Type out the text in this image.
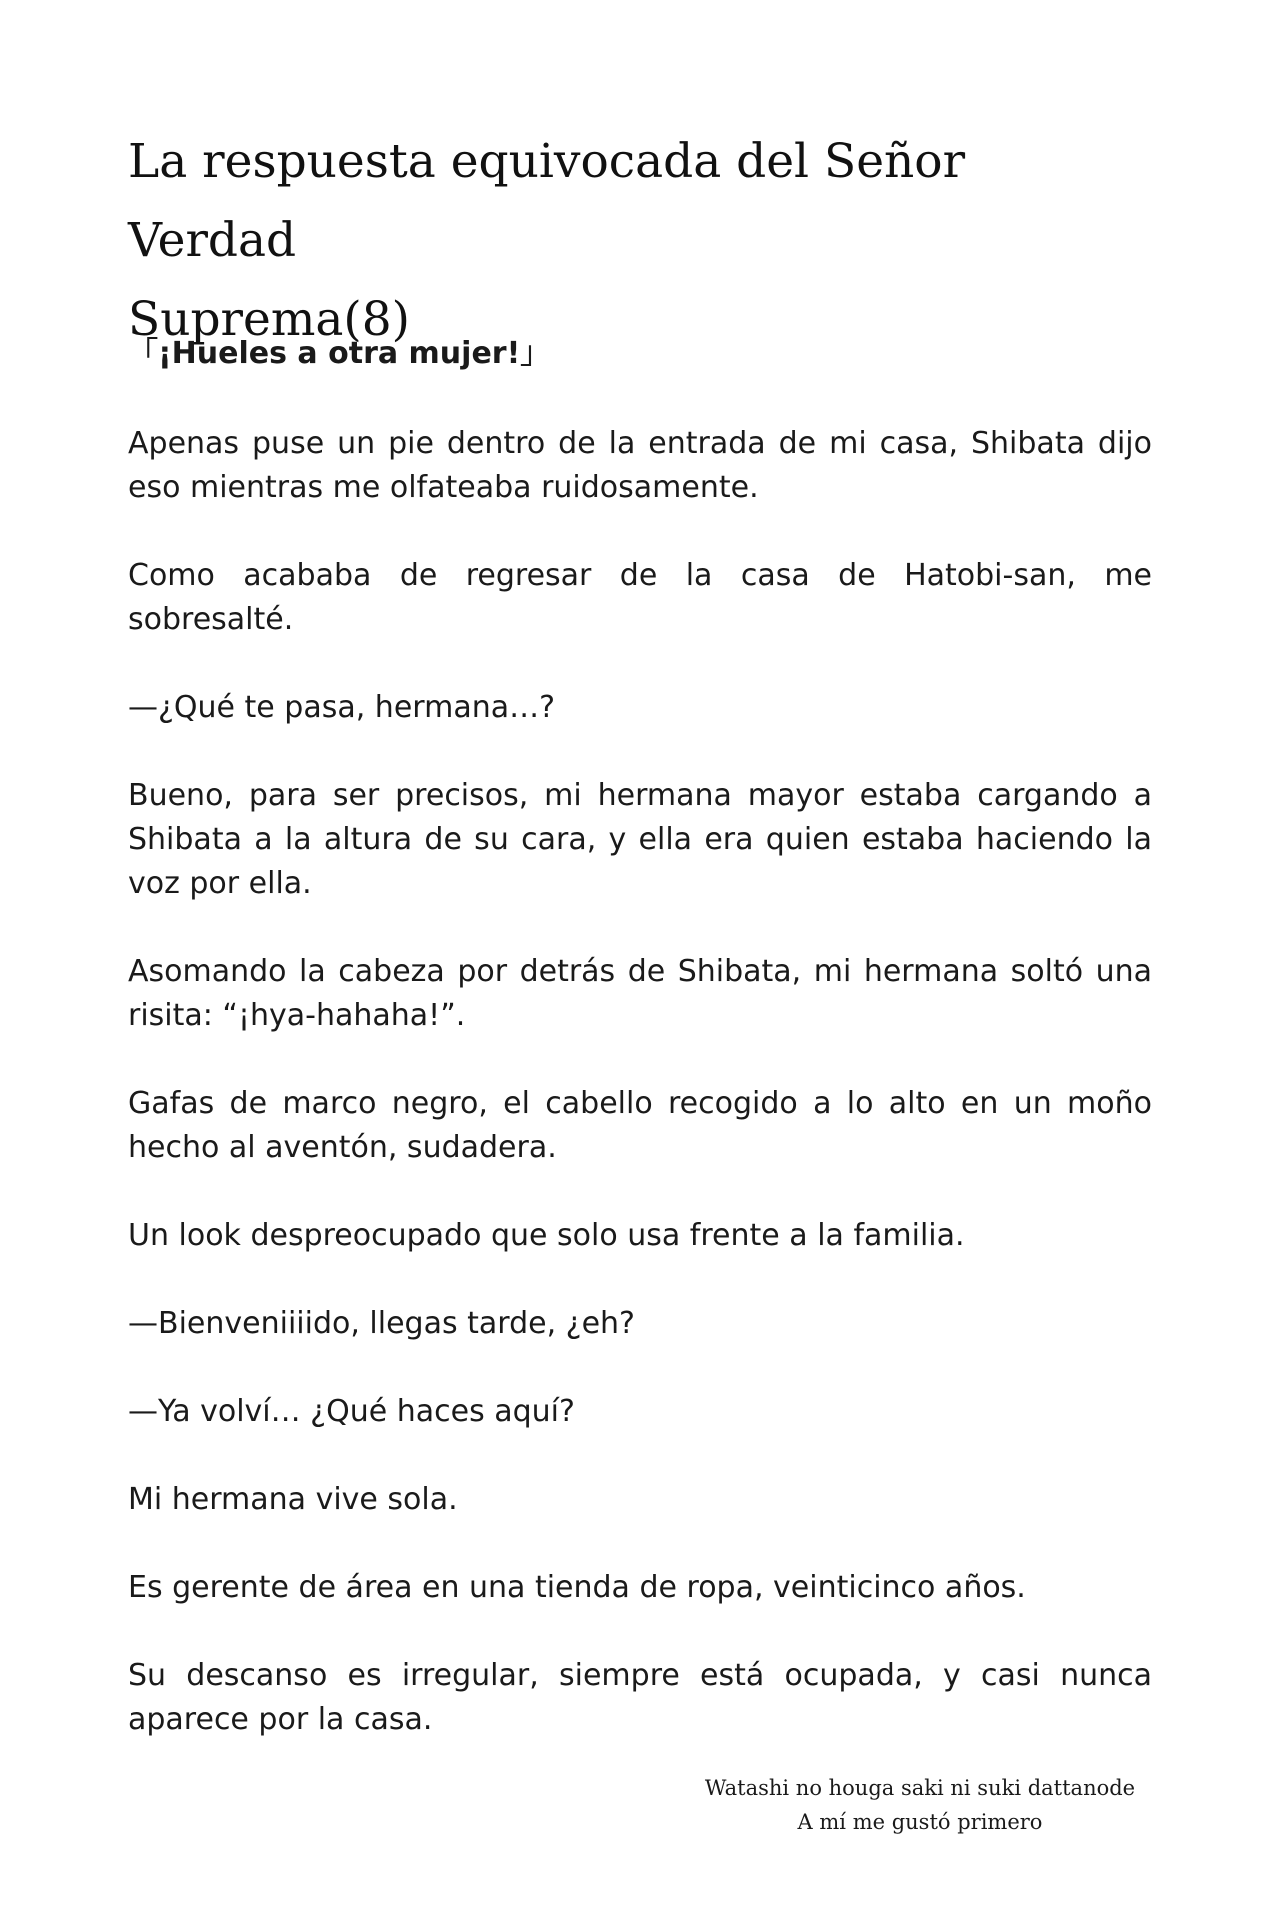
La respuesta equivocada del Señor Verdad
Suprema(8)

「¡Hueles a otra mujer!」

Apenas puse un pie dentro de la entrada de mi casa, Shibata dijo eso mientras me olfateaba ruidosamente.

Como acababa de regresar de la casa de Hatobi-san, me sobresalté.

—¿Qué te pasa, hermana…?

Bueno, para ser precisos, mi hermana mayor estaba cargando a Shibata a la altura de su cara, y ella era quien estaba haciendo la voz por ella.

Asomando la cabeza por detrás de Shibata, mi hermana soltó una risita: “¡hya-hahaha!”.

Gafas de marco negro, el cabello recogido a lo alto en un moño hecho al aventón, sudadera.

Un look despreocupado que solo usa frente a la familia.

—Bienveniiiido, llegas tarde, ¿eh?

—Ya volví… ¿Qué haces aquí?

Mi hermana vive sola.

Es gerente de área en una tienda de ropa, veinticinco años.

Su descanso es irregular, siempre está ocupada, y casi nunca aparece por la casa.

Watashi no houga saki ni suki dattanode
A mí me gustó primero
